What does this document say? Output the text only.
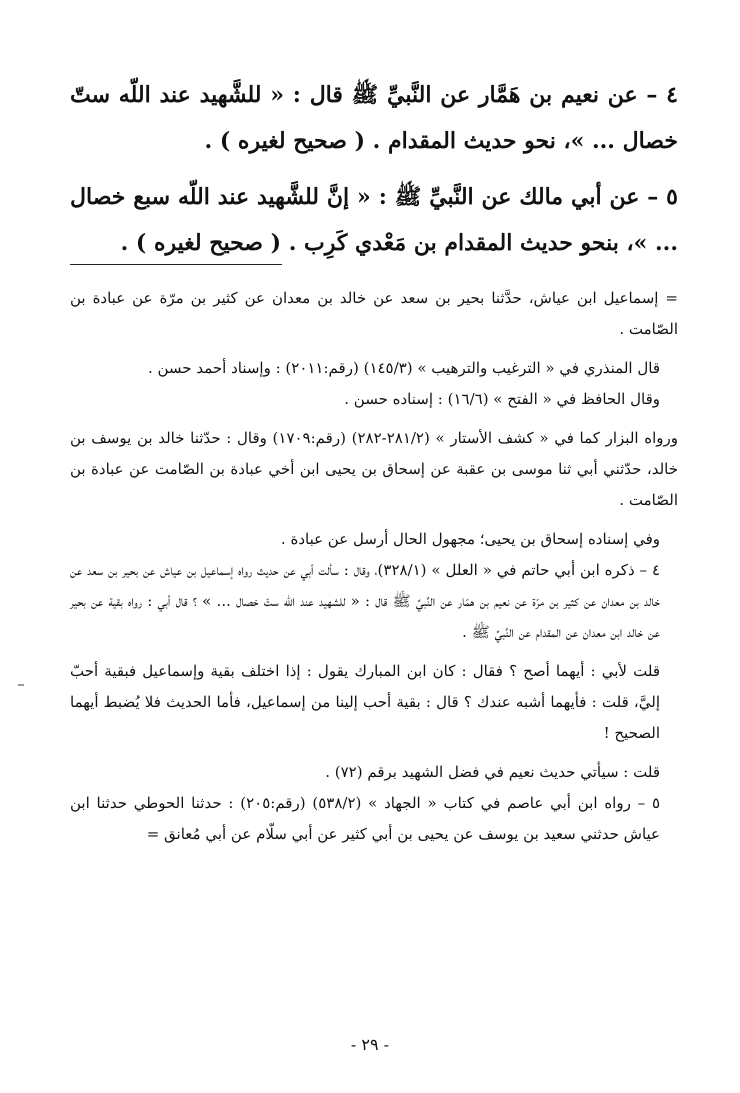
٤ – عن نعيم بن هَمَّار عن النَّبيِّ ﷺ قال : « للشَّهيد عند اللّه ستّ خصال ... »، نحو حديث المقدام . ( صحيح لغيره ) .

٥ – عن أبي مالك عن النَّبيِّ ﷺ : « إنَّ للشَّهيد عند اللّه سبع خصال ... »، بنحو حديث المقدام بن مَعْدي كَرِب . ( صحيح لغيره ) .

= إسماعيل ابن عياش، حدَّثنا بحير بن سعد عن خالد بن معدان عن كثير بن مرّة عن عبادة بن الصّامت .

قال المنذري في « الترغيب والترهيب » (١٤٥/٣) (رقم:٢٠١١) : وإسناد أحمد حسن .

وقال الحافظ في « الفتح » (١٦/٦) : إسناده حسن .

ورواه البزار كما في « كشف الأستار » (٢٨١/٢-٢٨٢) (رقم:١٧٠٩) وقال : حدّثنا خالد بن يوسف بن خالد، حدّثني أبي ثنا موسى بن عقبة عن إسحاق بن يحيى ابن أخي عبادة بن الصّامت عن عبادة بن الصّامت .

وفي إسناده إسحاق بن يحيى؛ مجهول الحال أرسل عن عبادة .

٤ – ذكره ابن أبي حاتم في « العلل » (٣٢٨/١)، وقال : سألت أبي عن حديث رواه إسماعيل بن عياش عن بحير بن سعد عن خالد بن معدان عن كثير بن مرّة عن نعيم بن همّار عن النَّبيِّ ﷺ قال : « للشهيد عند اللّه ستّ خصال ... » ؟ قال أبي : رواه بقية عن بحير عن خالد ابن معدان عن المقدام عن النَّبيِّ ﷺ .

قلت لأبي : أيهما أصح ؟ فقال : كان ابن المبارك يقول : إذا اختلف بقية وإسماعيل فبقية أحبّ إليَّ، قلت : فأيهما أشبه عندك ؟ قال : بقية أحب إلينا من إسماعيل، فأما الحديث فلا يُضبط أيهما الصحيح !

قلت : سيأتي حديث نعيم في فضل الشهيد برقم (٧٢) .

٥ – رواه ابن أبي عاصم في كتاب « الجهاد » (٥٣٨/٢) (رقم:٢٠٥) : حدثنا الحوطي حدثنا ابن عياش حدثني سعيد بن يوسف عن يحيى بن أبي كثير عن أبي سلّام عن أبي مُعانق =

- ٢٩ -
